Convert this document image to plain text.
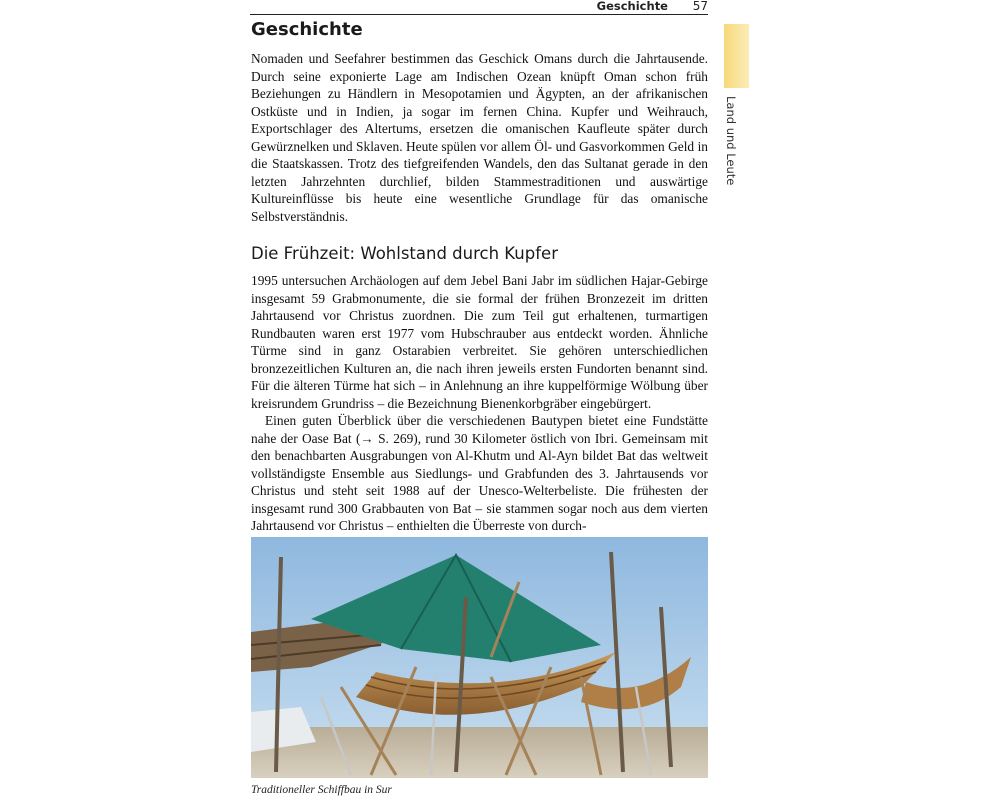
Geschichte 57
Land und Leute
Geschichte

Nomaden und Seefahrer bestimmen das Geschick Omans durch die Jahrtausende. Durch seine exponierte Lage am Indischen Ozean knüpft Oman schon früh Beziehungen zu Händlern in Mesopotamien und Ägypten, an der afrikanischen Ostküste und in Indien, ja sogar im fernen China. Kupfer und Weihrauch, Exportschlager des Altertums, ersetzen die omanischen Kaufleute später durch Gewürznelken und Sklaven. Heute spülen vor allem Öl- und Gasvorkommen Geld in die Staatskassen. Trotz des tiefgreifenden Wandels, den das Sultanat gerade in den letzten Jahrzehnten durchlief, bilden Stammestraditionen und auswärtige Kultureinflüsse bis heute eine wesentliche Grundlage für das omanische Selbstverständnis.

Die Frühzeit: Wohlstand durch Kupfer

1995 untersuchen Archäologen auf dem Jebel Bani Jabr im südlichen Hajar-Gebirge insgesamt 59 Grabmonumente, die sie formal der frühen Bronzezeit im dritten Jahrtausend vor Christus zuordnen. Die zum Teil gut erhaltenen, turmartigen Rundbauten waren erst 1977 vom Hubschrauber aus entdeckt worden. Ähnliche Türme sind in ganz Ostarabien verbreitet. Sie gehören unterschiedlichen bronzezeitlichen Kulturen an, die nach ihren jeweils ersten Fundorten benannt sind. Für die älteren Türme hat sich – in Anlehnung an ihre kuppelförmige Wölbung über kreisrundem Grundriss – die Bezeichnung Bienenkorbgräber eingebürgert.

Einen guten Überblick über die verschiedenen Bautypen bietet eine Fundstätte nahe der Oase Bat (→ S. 269), rund 30 Kilometer östlich von Ibri. Gemeinsam mit den benachbarten Ausgrabungen von Al-Khutm und Al-Ayn bildet Bat das weltweit vollständigste Ensemble aus Siedlungs- und Grabfunden des 3. Jahrtausends vor Christus und steht seit 1988 auf der Unesco-Welterbeliste. Die frühesten der insgesamt rund 300 Grabbauten von Bat – sie stammen sogar noch aus dem vierten Jahrtausend vor Christus – enthielten die Überreste von durch-

Traditioneller Schiffbau in Sur
